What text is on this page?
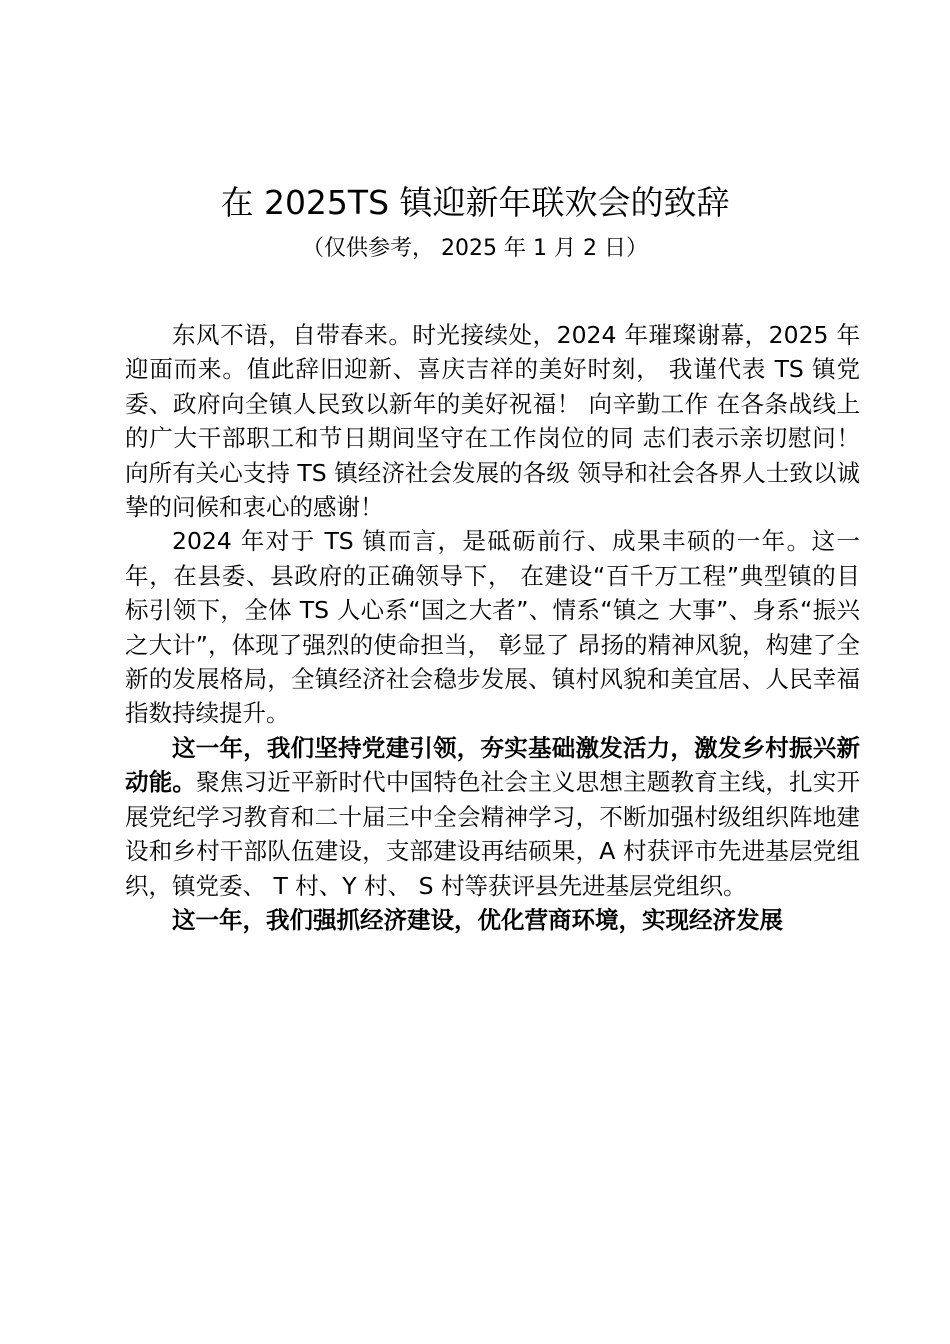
在 2025TS 镇迎新年联欢会的致辞
（仅供参考， 2025 年 1 月 2 日）

东风不语，自带春来。时光接续处，2024 年璀璨谢幕，2025 年迎面而来。值此辞旧迎新、喜庆吉祥的美好时刻， 我谨代表 TS 镇党委、政府向全镇人民致以新年的美好祝福！ 向辛勤工作 在各条战线上的广大干部职工和节日期间坚守在工作岗位的同 志们表示亲切慰问！向所有关心支持 TS 镇经济社会发展的各级 领导和社会各界人士致以诚挚的问候和衷心的感谢！

2024 年对于 TS 镇而言，是砥砺前行、成果丰硕的一年。这一年，在县委、县政府的正确领导下， 在建设“百千万工程”典型镇的目标引领下，全体 TS 人心系“国之大者”、情系“镇之 大事”、身系“振兴之大计”，体现了强烈的使命担当， 彰显了 昂扬的精神风貌，构建了全新的发展格局，全镇经济社会稳步发展、镇村风貌和美宜居、人民幸福指数持续提升。

这一年，我们坚持党建引领，夯实基础激发活力，激发乡村振兴新动能。聚焦习近平新时代中国特色社会主义思想主题教育主线，扎实开展党纪学习教育和二十届三中全会精神学习，不断加强村级组织阵地建设和乡村干部队伍建设，支部建设再结硕果，A 村获评市先进基层党组织，镇党委、 T 村、Y 村、 S 村等获评县先进基层党组织。

这一年，我们强抓经济建设，优化营商环境，实现经济发展
